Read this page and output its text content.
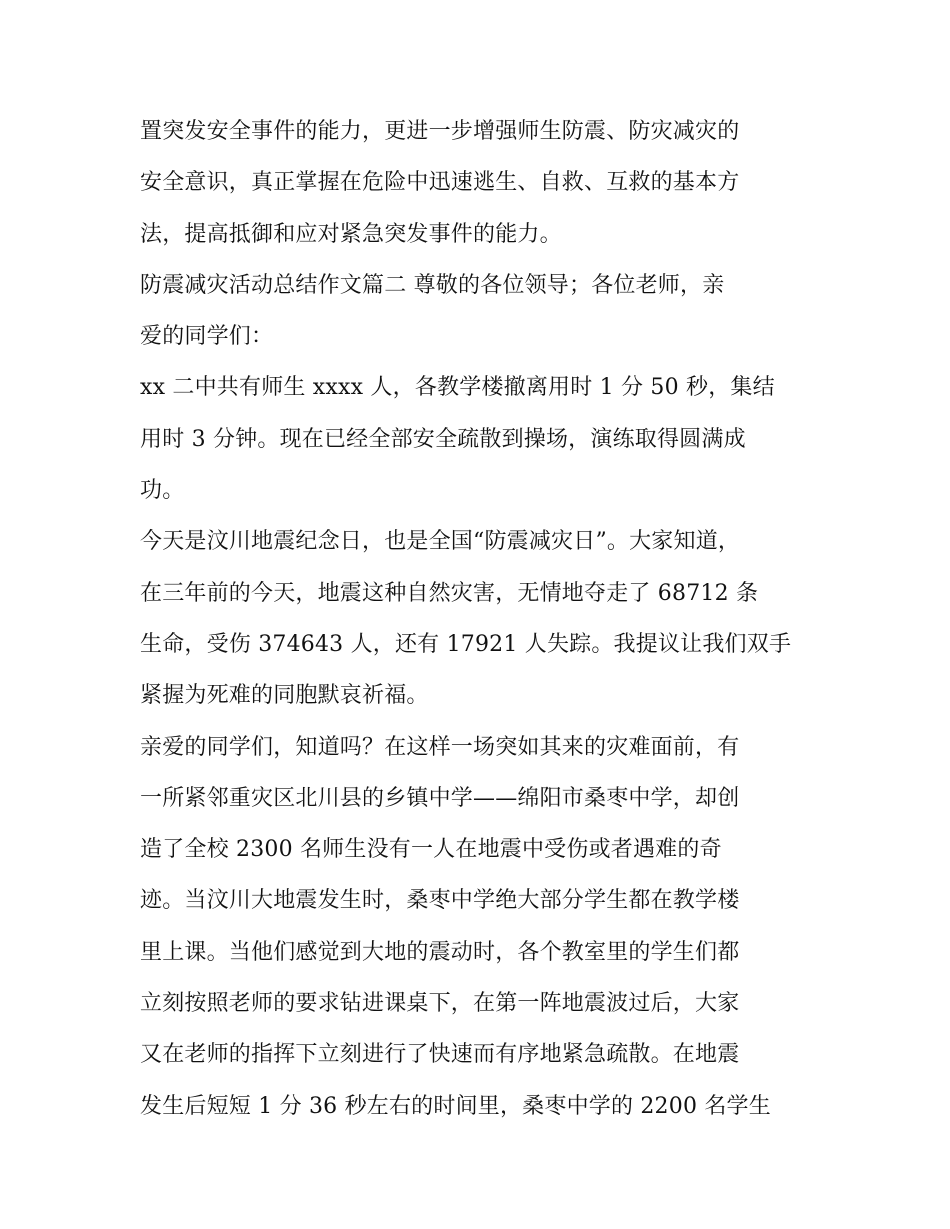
置突发安全事件的能力，更进一步增强师生防震、防灾减灾的
安全意识，真正掌握在危险中迅速逃生、自救、互救的基本方
法，提高抵御和应对紧急突发事件的能力。
防震减灾活动总结作文篇二 尊敬的各位领导；各位老师，亲
爱的同学们：
xx 二中共有师生 xxxx 人，各教学楼撤离用时 1 分 50 秒，集结
用时 3 分钟。现在已经全部安全疏散到操场，演练取得圆满成
功。
今天是汶川地震纪念日，也是全国“防震减灾日”。大家知道，
在三年前的今天，地震这种自然灾害，无情地夺走了 68712 条
生命，受伤 374643 人，还有 17921 人失踪。我提议让我们双手
紧握为死难的同胞默哀祈福。
亲爱的同学们，知道吗？在这样一场突如其来的灾难面前，有
一所紧邻重灾区北川县的乡镇中学——绵阳市桑枣中学，却创
造了全校 2300 名师生没有一人在地震中受伤或者遇难的奇
迹。当汶川大地震发生时，桑枣中学绝大部分学生都在教学楼
里上课。当他们感觉到大地的震动时，各个教室里的学生们都
立刻按照老师的要求钻进课桌下，在第一阵地震波过后，大家
又在老师的指挥下立刻进行了快速而有序地紧急疏散。在地震
发生后短短 1 分 36 秒左右的时间里，桑枣中学的 2200 名学生
